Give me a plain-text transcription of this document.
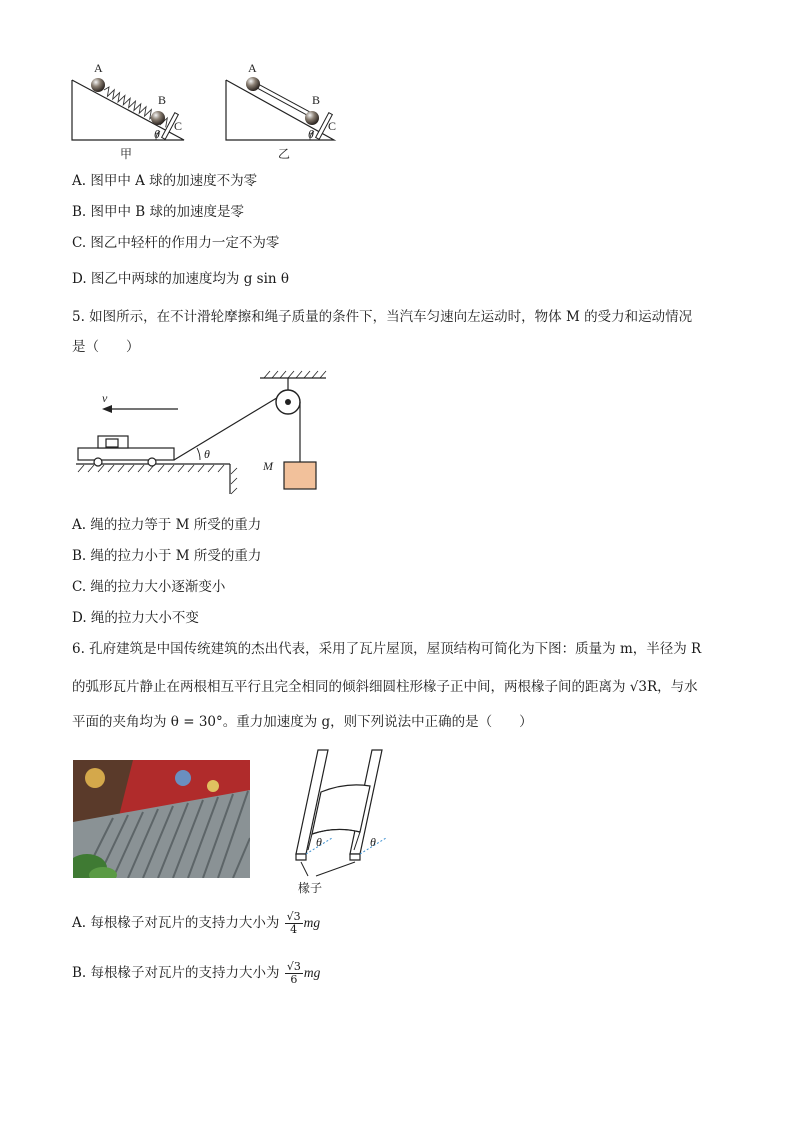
A
B
C
θ
甲
A
B
C
θ
乙
A. 图甲中 A 球的加速度不为零
B. 图甲中 B 球的加速度是零
C. 图乙中轻杆的作用力一定不为零
D. 图乙中两球的加速度均为 g sin θ
5. 如图所示，在不计滑轮摩擦和绳子质量的条件下，当汽车匀速向左运动时，物体 M 的受力和运动情况
是（　　）
v
θ
M
A. 绳的拉力等于 M 所受的重力
B. 绳的拉力小于 M 所受的重力
C. 绳的拉力大小逐渐变小
D. 绳的拉力大小不变
6. 孔府建筑是中国传统建筑的杰出代表，采用了瓦片屋顶，屋顶结构可简化为下图：质量为 m，半径为 R
的弧形瓦片静止在两根相互平行且完全相同的倾斜细圆柱形椽子正中间，两根椽子间的距离为 √3R，与水
平面的夹角均为 θ = 30°。重力加速度为 g，则下列说法中正确的是（　　）
θ	θ
椽子
A. 每根椽子对瓦片的支持力大小为 $\frac{√3}{4}$ mg
B. 每根椽子对瓦片的支持力大小为 $\frac{√3}{6}$ mg
